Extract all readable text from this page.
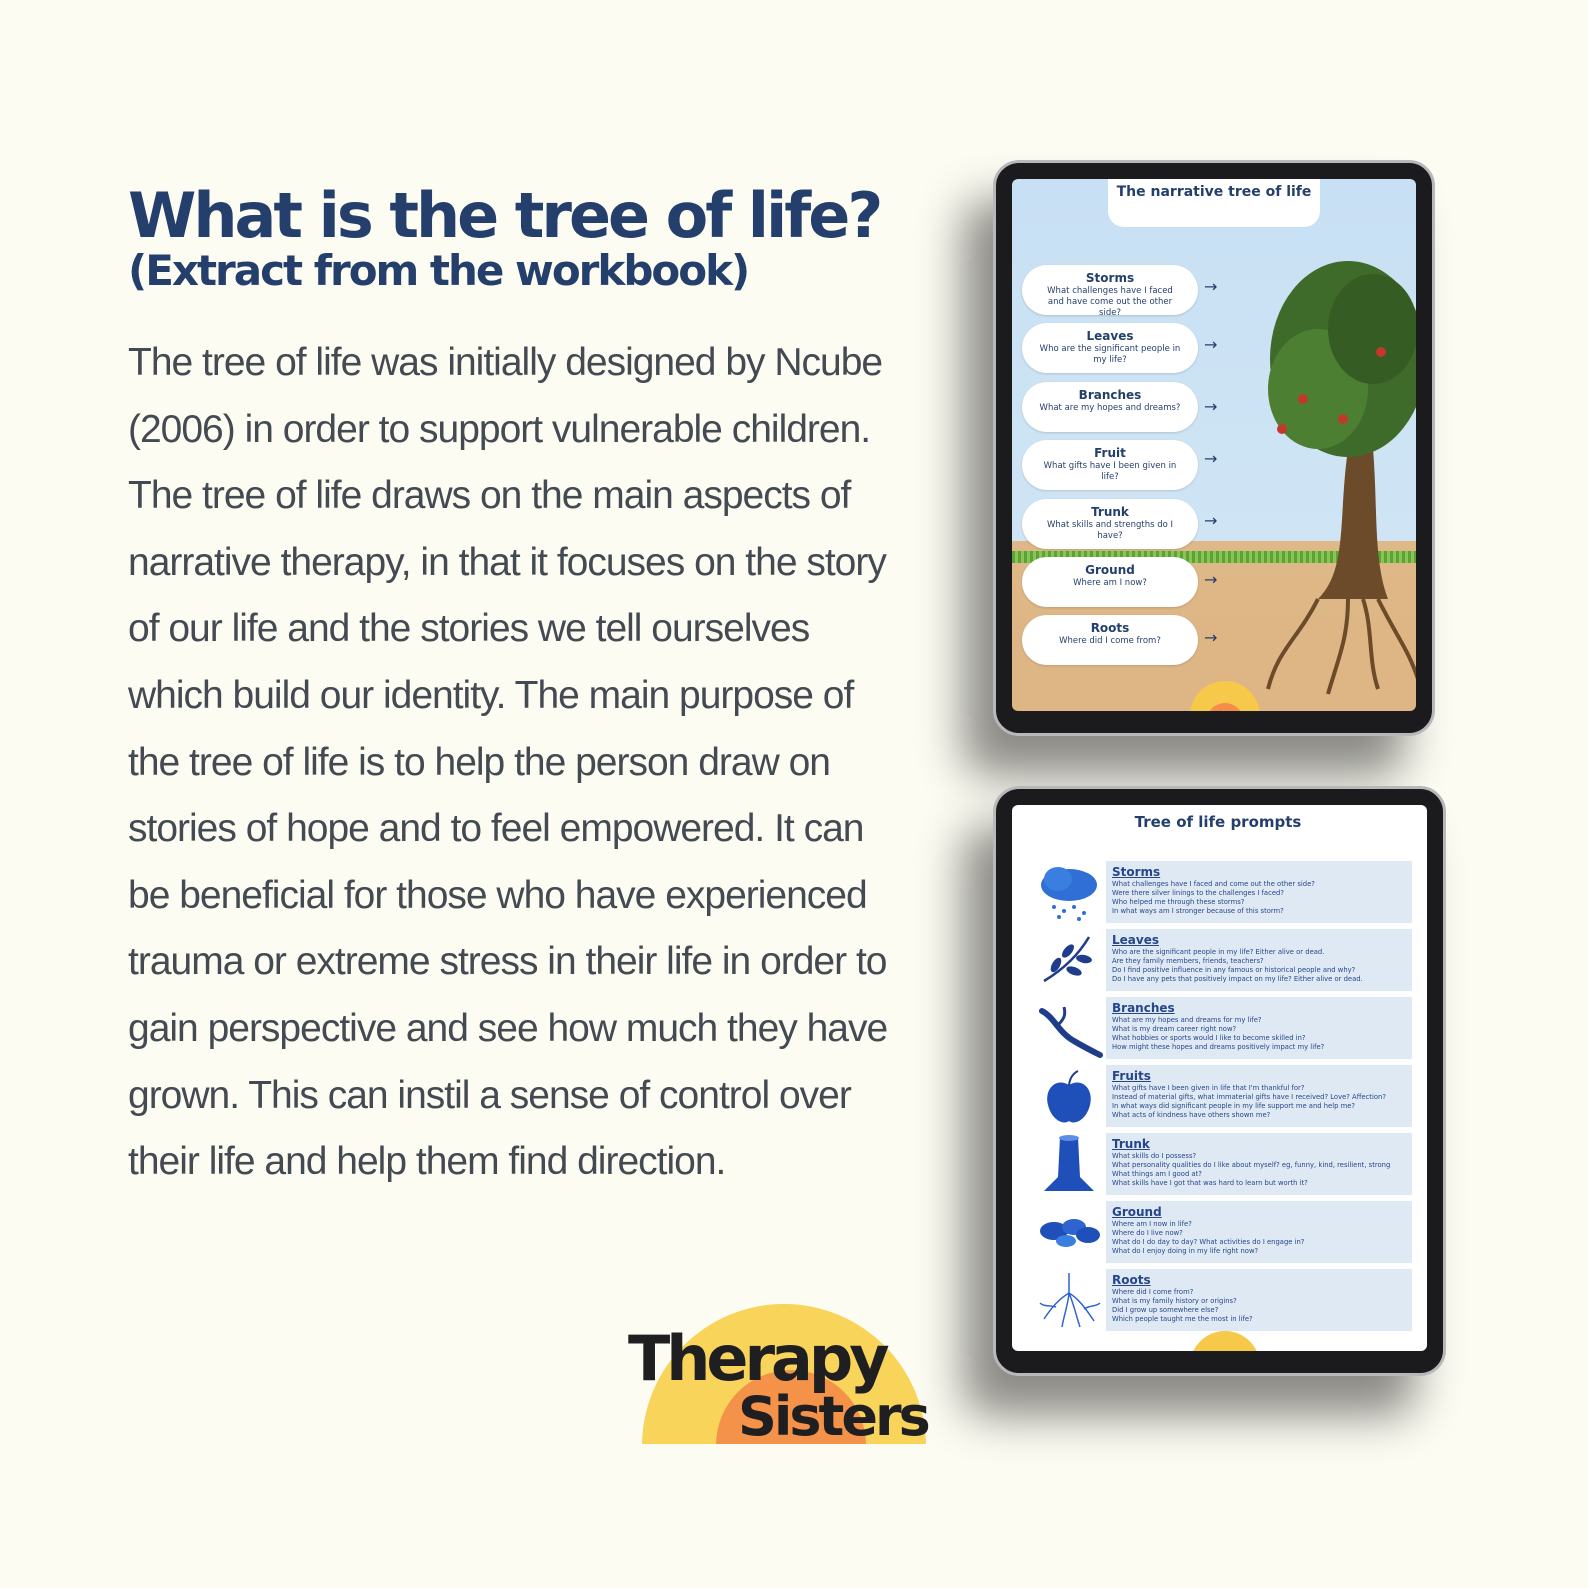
What is the tree of life?
(Extract from the workbook)

The tree of life was initially designed by Ncube (2006) in order to support vulnerable children. The tree of life draws on the main aspects of narrative therapy, in that it focuses on the story of our life and the stories we tell ourselves which build our identity. The main purpose of the tree of life is to help the person draw on stories of hope and to feel empowered. It can be beneficial for those who have experienced trauma or extreme stress in their life in order to gain perspective and see how much they have grown. This can instil a sense of control over their life and help them find direction.

The narrative tree of life
Storms
What challenges have I faced and have come out the other side?
→
Leaves
Who are the significant people in my life?
→
Branches
What are my hopes and dreams?	→
Fruit
What gifts have I been given in life?
→
Trunk
What skills and strengths do I have?
→
Ground
Where am I now?	→
Roots
Where did I come from?	→
Tree of life prompts
Storms
What challenges have I faced and come out the other side?
Were there silver linings to the challenges I faced?
Who helped me through these storms?
In what ways am I stronger because of this storm?
Leaves
Who are the significant people in my life? Either alive or dead.
Are they family members, friends, teachers?
Do I find positive influence in any famous or historical people and why?
Do I have any pets that positively impact on my life? Either alive or dead.
Branches
What are my hopes and dreams for my life?
What is my dream career right now?
What hobbies or sports would I like to become skilled in?
How might these hopes and dreams positively impact my life?
Fruits
What gifts have I been given in life that I'm thankful for?
Instead of material gifts, what immaterial gifts have I received? Love? Affection?
In what ways did significant people in my life support me and help me?
What acts of kindness have others shown me?
Trunk
What skills do I possess?
What personality qualities do I like about myself? eg, funny, kind, resilient, strong
What things am I good at?
What skills have I got that was hard to learn but worth it?
Ground
Where am I now in life?
Where do I live now?
What do I do day to day? What activities do I engage in?
What do I enjoy doing in my life right now?
Roots
Where did I come from?
What is my family history or origins?
Did I grow up somewhere else?
Which people taught me the most in life?
Therapy
Sisters
